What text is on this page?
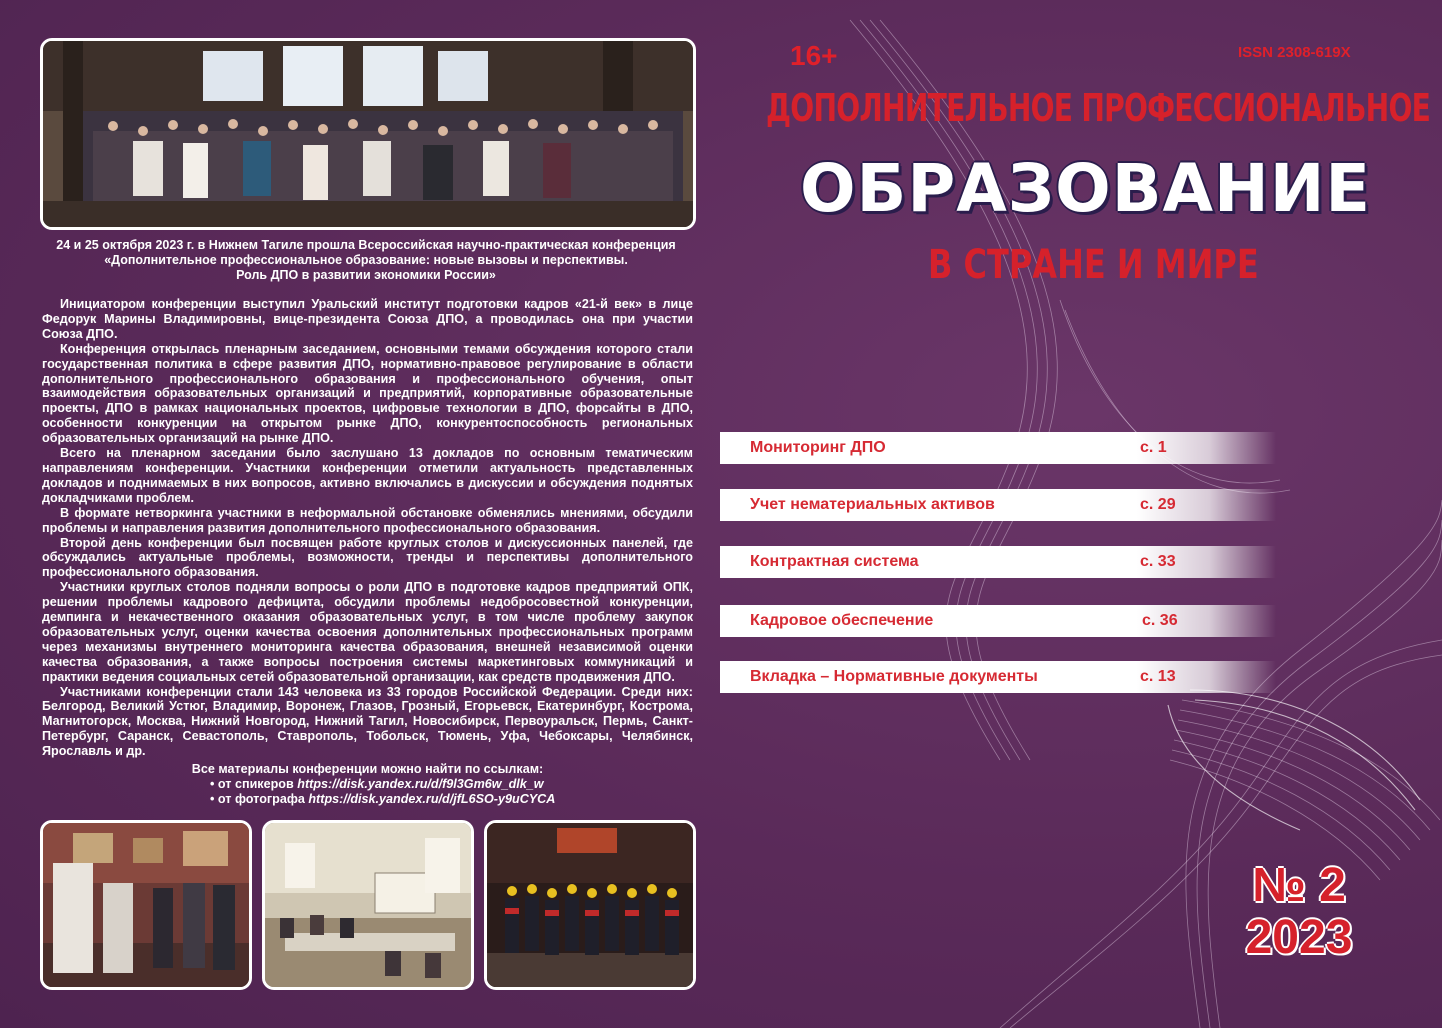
24 и 25 октября 2023 г. в Нижнем Тагиле прошла Всероссийская научно-практическая конференция
«Дополнительное профессиональное образование: новые вызовы и перспективы.
Роль ДПО в развитии экономики России»

Инициатором конференции выступил Уральский институт подготовки кадров «21-й век» в лице Федорук Марины Владимировны, вице-президента Союза ДПО, а проводилась она при участии Союза ДПО.

Конференция открылась пленарным заседанием, основными темами обсуждения которого стали государственная политика в сфере развития ДПО, нормативно-правовое регулирование в области дополнительного профессионального образования и профессионального обучения, опыт взаимодействия образовательных организаций и предприятий, корпоративные образовательные проекты, ДПО в рамках национальных проектов, цифровые технологии в ДПО, форсайты в ДПО, особенности конкуренции на открытом рынке ДПО, конкурентоспособность региональных образовательных организаций на рынке ДПО.

Всего на пленарном заседании было заслушано 13 докладов по основным тематическим направлениям конференции. Участники конференции отметили актуальность представленных докладов и поднимаемых в них вопросов, активно включались в дискуссии и обсуждения поднятых докладчиками проблем.

В формате нетворкинга участники в неформальной обстановке обменялись мнениями, обсудили проблемы и направления развития дополнительного профессионального образования.

Второй день конференции был посвящен работе круглых столов и дискуссионных панелей, где обсуждались актуальные проблемы, возможности, тренды и перспективы дополнительного профессионального образования.

Участники круглых столов подняли вопросы о роли ДПО в подготовке кадров предприятий ОПК, решении проблемы кадрового дефицита, обсудили проблемы недобросовестной конкуренции, демпинга и некачественного оказания образовательных услуг, в том числе проблему закупок образовательных услуг, оценки качества освоения дополнительных профессиональных программ через механизмы внутреннего мониторинга качества образования, внешней независимой оценки качества образования, а также вопросы построения системы маркетинговых коммуникаций и практики ведения социальных сетей образовательной организации, как средств продвижения ДПО.

Участниками конференции стали 143 человека из 33 городов Российской Федерации. Среди них: Белгород, Великий Устюг, Владимир, Воронеж, Глазов, Грозный, Егорьевск, Екатеринбург, Кострома, Магнитогорск, Москва, Нижний Новгород, Нижний Тагил, Новосибирск, Первоуральск, Пермь, Санкт-Петербург, Саранск, Севастополь, Ставрополь, Тобольск, Тюмень, Уфа, Чебоксары, Челябинск, Ярославль и др.

Все материалы конференции можно найти по ссылкам:
• от спикеров https://disk.yandex.ru/d/f9l3Gm6w_dlk_w
• от фотографа https://disk.yandex.ru/d/jfL6SO-y9uCYCA
16+	ISSN 2308-619X
ДОПОЛНИТЕЛЬНОЕ ПРОФЕССИОНАЛЬНОЕ
ОБРАЗОВАНИЕ
В СТРАНЕ И МИРЕ
Мониторинг ДПО	с. 1
Учет нематериальных активов	с. 29
Контрактная система	с. 33
Кадровое обеспечение	с. 36
Вкладка – Нормативные документы	с. 13
№ 2
2023
